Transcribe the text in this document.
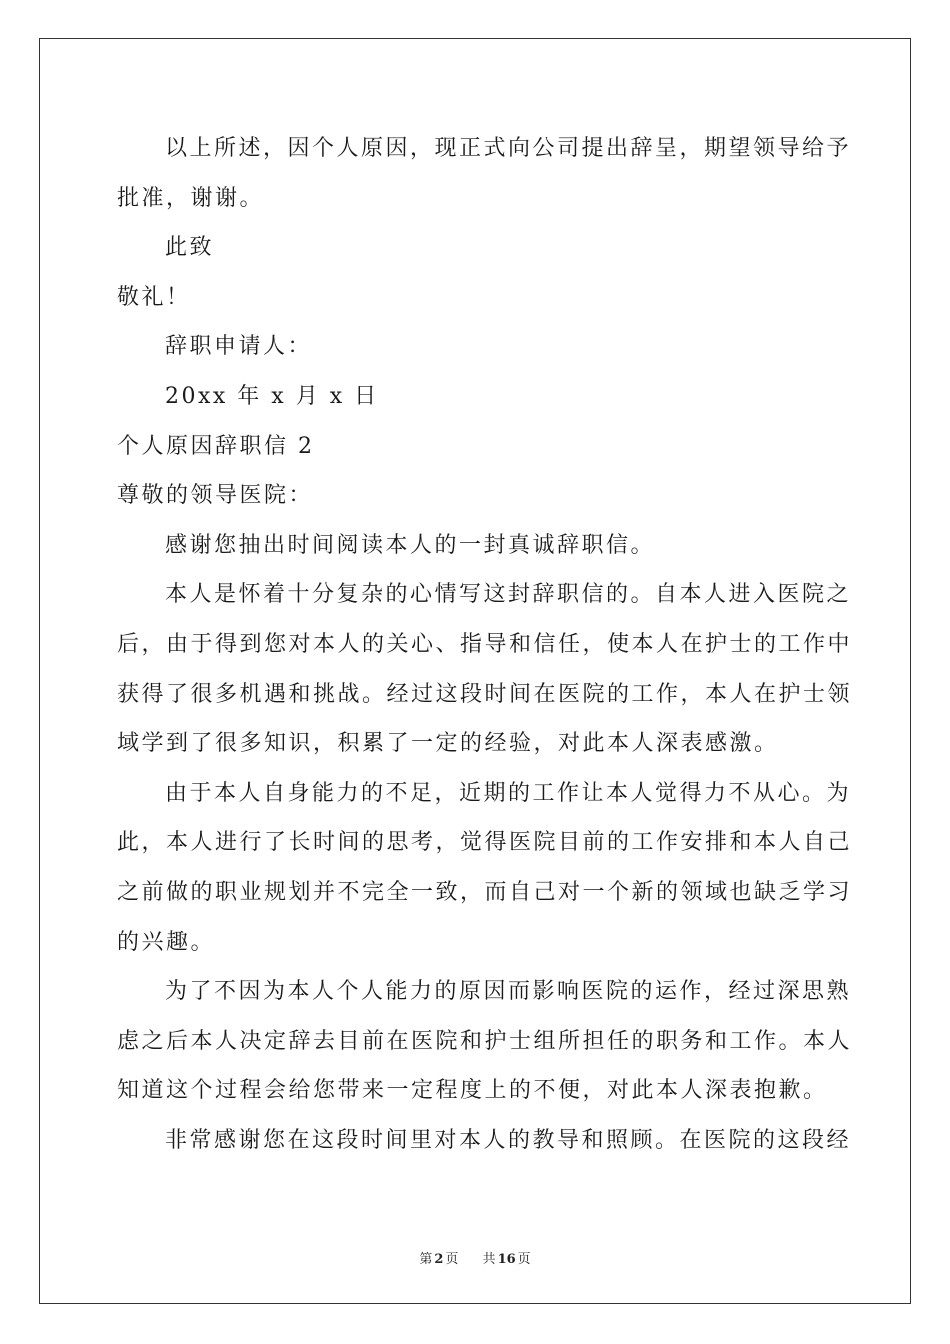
以上所述，因个人原因，现正式向公司提出辞呈，期望领导给予
批准，谢谢。
此致
敬礼！
辞职申请人：
20xx 年 x 月 x 日
个人原因辞职信 2
尊敬的领导医院：
感谢您抽出时间阅读本人的一封真诚辞职信。
本人是怀着十分复杂的心情写这封辞职信的。自本人进入医院之
后，由于得到您对本人的关心、指导和信任，使本人在护士的工作中
获得了很多机遇和挑战。经过这段时间在医院的工作，本人在护士领
域学到了很多知识，积累了一定的经验，对此本人深表感激。
由于本人自身能力的不足，近期的工作让本人觉得力不从心。为
此，本人进行了长时间的思考，觉得医院目前的工作安排和本人自己
之前做的职业规划并不完全一致，而自己对一个新的领域也缺乏学习
的兴趣。
为了不因为本人个人能力的原因而影响医院的运作，经过深思熟
虑之后本人决定辞去目前在医院和护士组所担任的职务和工作。本人
知道这个过程会给您带来一定程度上的不便，对此本人深表抱歉。
非常感谢您在这段时间里对本人的教导和照顾。在医院的这段经
第 2 页 共 16 页
